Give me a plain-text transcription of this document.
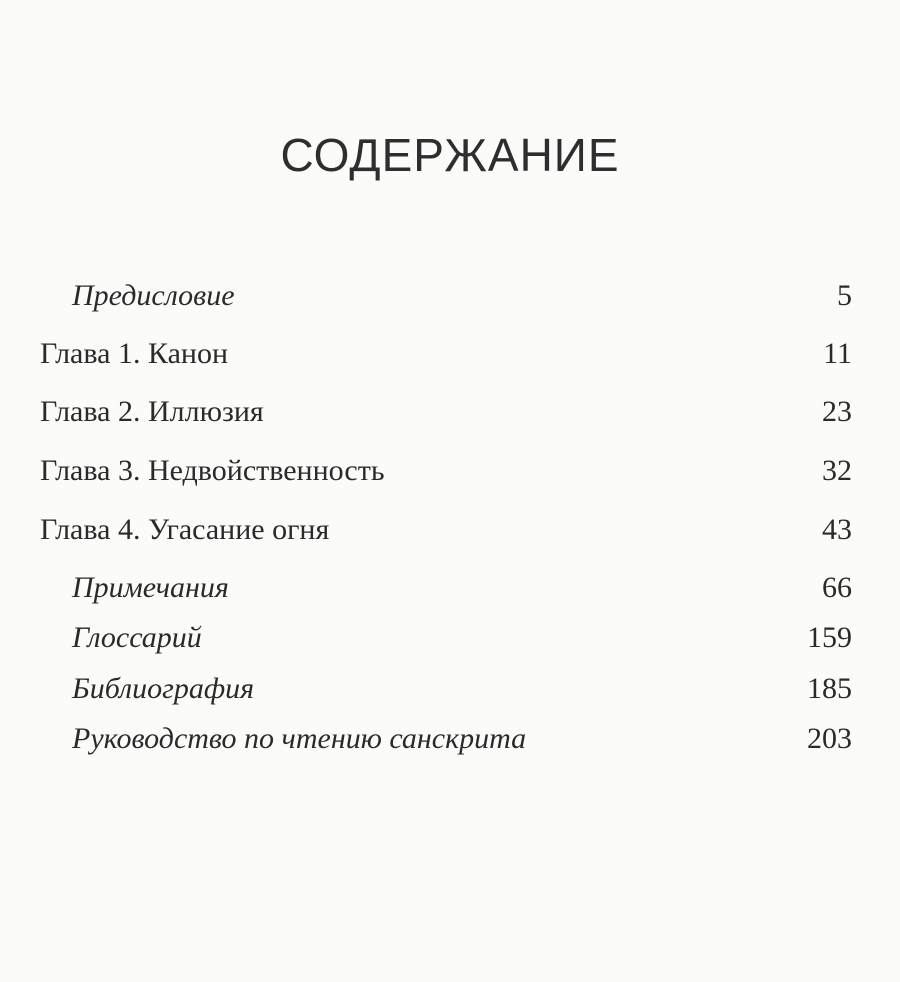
СОДЕРЖАНИЕ
Предисловие	5
Глава 1. Канон	11
Глава 2. Иллюзия	23
Глава 3. Недвойственность	32
Глава 4. Угасание огня	43
Примечания	66
Глоссарий	159
Библиография	185
Руководство по чтению санскрита	203
